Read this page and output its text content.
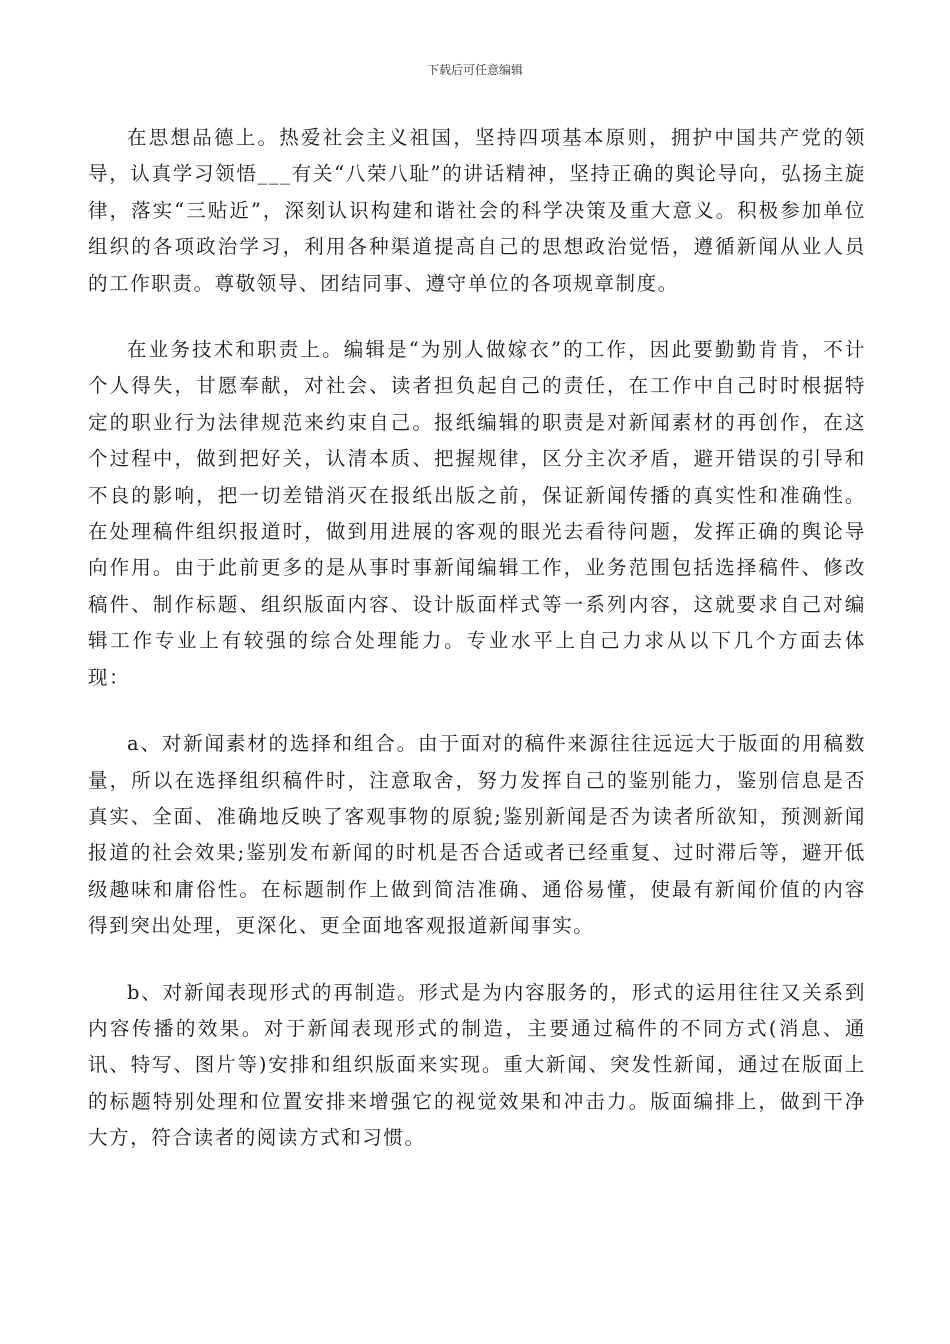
下载后可任意编辑

在思想品德上。热爱社会主义祖国，坚持四项基本原则，拥护中国共产党的领导，认真学习领悟___有关“八荣八耻”的讲话精神，坚持正确的舆论导向，弘扬主旋律，落实“三贴近”，深刻认识构建和谐社会的科学决策及重大意义。积极参加单位组织的各项政治学习，利用各种渠道提高自己的思想政治觉悟，遵循新闻从业人员的工作职责。尊敬领导、团结同事、遵守单位的各项规章制度。

在业务技术和职责上。编辑是“为别人做嫁衣”的工作，因此要勤勤肯肯，不计个人得失，甘愿奉献，对社会、读者担负起自己的责任，在工作中自己时时根据特定的职业行为法律规范来约束自己。报纸编辑的职责是对新闻素材的再创作，在这个过程中，做到把好关，认清本质、把握规律，区分主次矛盾，避开错误的引导和不良的影响，把一切差错消灭在报纸出版之前，保证新闻传播的真实性和准确性。在处理稿件组织报道时，做到用进展的客观的眼光去看待问题，发挥正确的舆论导向作用。由于此前更多的是从事时事新闻编辑工作，业务范围包括选择稿件、修改稿件、制作标题、组织版面内容、设计版面样式等一系列内容，这就要求自己对编辑工作专业上有较强的综合处理能力。专业水平上自己力求从以下几个方面去体现：

a、对新闻素材的选择和组合。由于面对的稿件来源往往远远大于版面的用稿数量，所以在选择组织稿件时，注意取舍，努力发挥自己的鉴别能力，鉴别信息是否真实、全面、准确地反映了客观事物的原貌;鉴别新闻是否为读者所欲知，预测新闻报道的社会效果;鉴别发布新闻的时机是否合适或者已经重复、过时滞后等，避开低级趣味和庸俗性。在标题制作上做到简洁准确、通俗易懂，使最有新闻价值的内容得到突出处理，更深化、更全面地客观报道新闻事实。

b、对新闻表现形式的再制造。形式是为内容服务的，形式的运用往往又关系到内容传播的效果。对于新闻表现形式的制造，主要通过稿件的不同方式(消息、通讯、特写、图片等)安排和组织版面来实现。重大新闻、突发性新闻，通过在版面上的标题特别处理和位置安排来增强它的视觉效果和冲击力。版面编排上，做到干净大方，符合读者的阅读方式和习惯。
